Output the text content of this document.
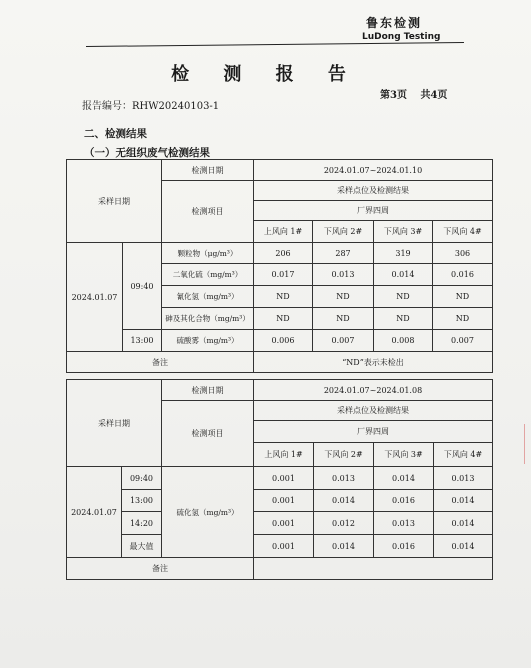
鲁东检测
LuDong Testing
检 测 报 告
报告编号：RHW20240103-1
第3页 共4页
二、检测结果
（一）无组织废气检测结果
采样日期		检测日期	2024.01.07~2024.01.10			
		检测项目	采样点位及检测结果			
			厂界四周			
			上风向 1#	下风向 2#	下风向 3#	下风向 4#
2024.01.07	09:40	颗粒物（μg/m³）	206	287	319	306
		二氧化硫（mg/m³）	0.017	0.013	0.014	0.016
		氰化氢（mg/m³）	ND	ND	ND	ND
		砷及其化合物（mg/m³）	ND	ND	ND	ND
	13:00	硫酸雾（mg/m³）	0.006	0.007	0.008	0.007
备注			“ND”表示未检出			
采样日期		检测日期	2024.01.07~2024.01.08			
		检测项目	采样点位及检测结果			
			厂界四周			
			上风向 1#	下风向 2#	下风向 3#	下风向 4#
2024.01.07	09:40	硫化氢（mg/m³）	0.001	0.013	0.014	0.013
	13:00		0.001	0.014	0.016	0.014
	14:20		0.001	0.012	0.013	0.014
	最大值		0.001	0.014	0.016	0.014
备注						
